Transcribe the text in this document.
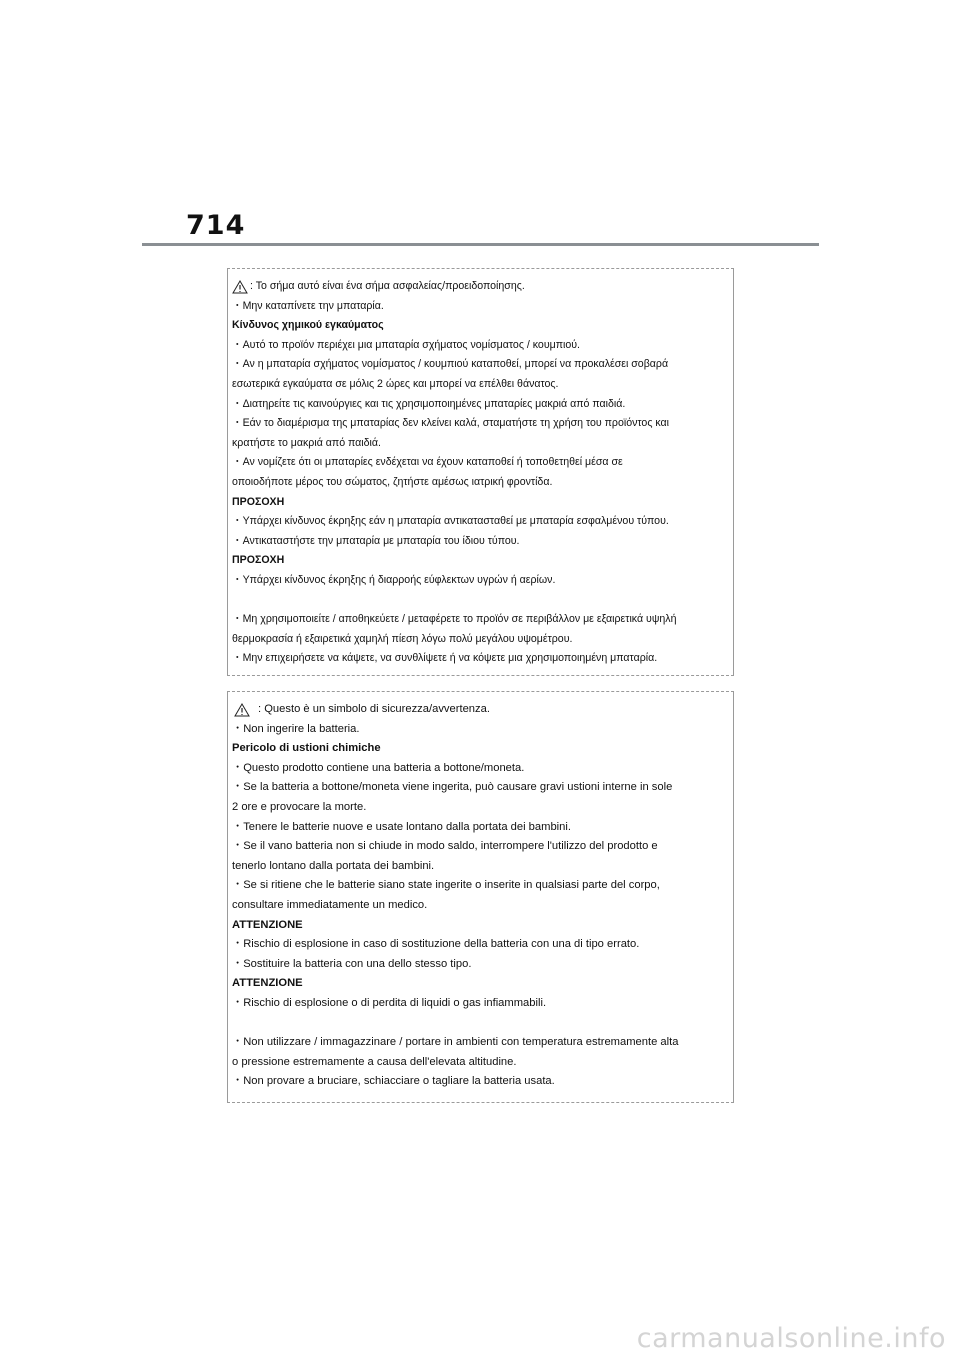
714
: Το σήμα αυτό είναι ένα σήμα ασφαλείας/προειδοποίησης.
・ Μην καταπίνετε την μπαταρία.
Κίνδυνος χημικού εγκαύματος
・ Αυτό το προϊόν περιέχει μια μπαταρία σχήματος νομίσματος / κουμπιού.
・ Αν η μπαταρία σχήματος νομίσματος / κουμπιού καταποθεί, μπορεί να προκαλέσει σοβαρά
εσωτερικά εγκαύματα σε μόλις 2 ώρες και μπορεί να επέλθει θάνατος.
・ Διατηρείτε τις καινούργιες και τις χρησιμοποιημένες μπαταρίες μακριά από παιδιά.
・ Εάν το διαμέρισμα της μπαταρίας δεν κλείνει καλά, σταματήστε τη χρήση του προϊόντος και
κρατήστε το μακριά από παιδιά.
・ Αν νομίζετε ότι οι μπαταρίες ενδέχεται να έχουν καταποθεί ή τοποθετηθεί μέσα σε
οποιοδήποτε μέρος του σώματος, ζητήστε αμέσως ιατρική φροντίδα.
ΠΡΟΣΟΧΗ
・ Υπάρχει κίνδυνος έκρηξης εάν η μπαταρία αντικατασταθεί με μπαταρία εσφαλμένου τύπου.
・ Αντικαταστήστε την μπαταρία με μπαταρία του ίδιου τύπου.
ΠΡΟΣΟΧΗ
・ Υπάρχει κίνδυνος έκρηξης ή διαρροής εύφλεκτων υγρών ή αερίων.
・ Μη χρησιμοποιείτε / αποθηκεύετε / μεταφέρετε το προϊόν σε περιβάλλον με εξαιρετικά υψηλή
θερμοκρασία ή εξαιρετικά χαμηλή πίεση λόγω πολύ μεγάλου υψομέτρου.
・ Μην επιχειρήσετε να κάψετε, να συνθλίψετε ή να κόψετε μια χρησιμοποιημένη μπαταρία.
: Questo è un simbolo di sicurezza/avvertenza.
・ Non ingerire la batteria.
Pericolo di ustioni chimiche
・ Questo prodotto contiene una batteria a bottone/moneta.
・ Se la batteria a bottone/moneta viene ingerita, può causare gravi ustioni interne in sole
2 ore e provocare la morte.
・ Tenere le batterie nuove e usate lontano dalla portata dei bambini.
・ Se il vano batteria non si chiude in modo saldo, interrompere l'utilizzo del prodotto e
tenerlo lontano dalla portata dei bambini.
・ Se si ritiene che le batterie siano state ingerite o inserite in qualsiasi parte del corpo,
consultare immediatamente un medico.
ATTENZIONE
・ Rischio di esplosione in caso di sostituzione della batteria con una di tipo errato.
・ Sostituire la batteria con una dello stesso tipo.
ATTENZIONE
・ Rischio di esplosione o di perdita di liquidi o gas infiammabili.
・Non utilizzare / immagazzinare / portare in ambienti con temperatura estremamente alta
o pressione estremamente a causa dell'elevata altitudine.
・ Non provare a bruciare, schiacciare o tagliare la batteria usata.
carmanualsonline.info
